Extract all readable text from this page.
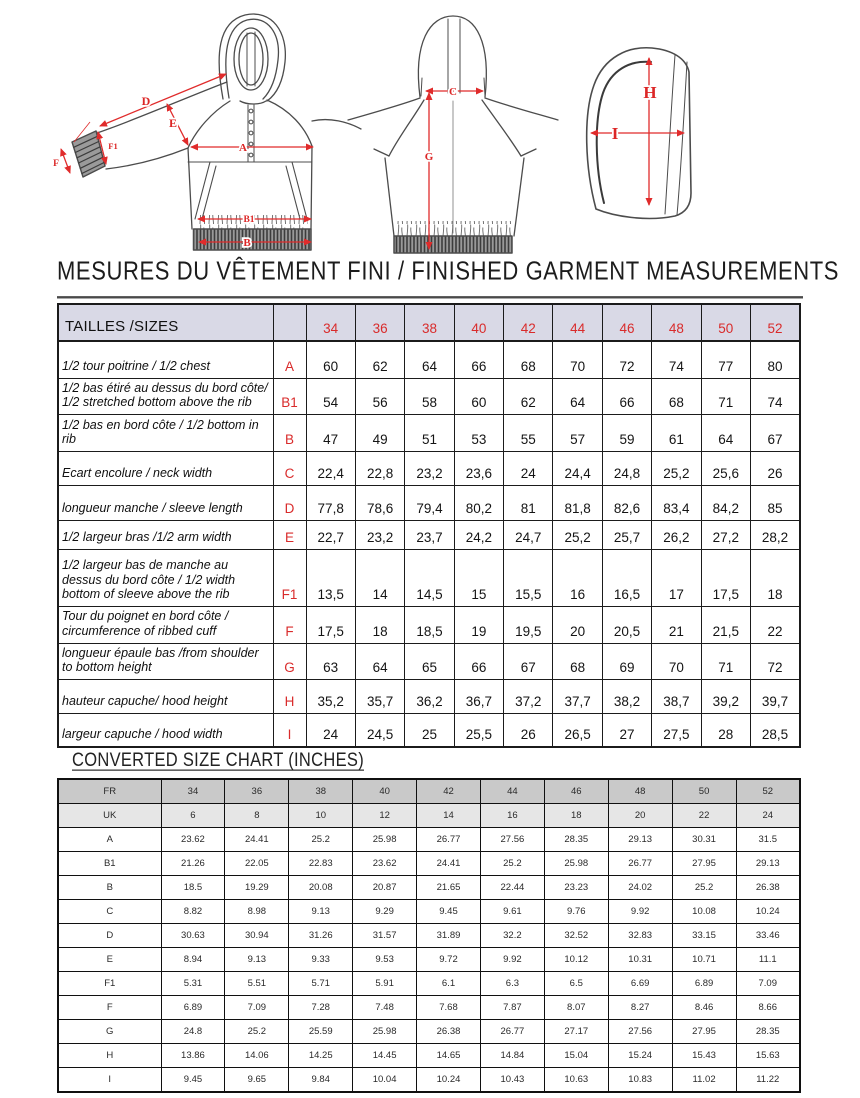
D
E
F1
F
A
B1
B
C
G
H
I
MESURES DU VÊTEMENT FINI / FINISHED GARMENT MEASUREMENTS
CONVERTED SIZE CHART (INCHES)
TAILLES /SIZES		34	36	38	40	42	44	46	48	50	52
1/2 tour poitrine / 1/2 chest	A	60	62	64	66	68	70	72	74	77	80
1/2 bas étiré au dessus du bord côte/ 1/2 stretched bottom above the rib	B1	54	56	58	60	62	64	66	68	71	74
1/2 bas en bord côte / 1/2 bottom in rib	B	47	49	51	53	55	57	59	61	64	67
Ecart encolure / neck width	C	22,4	22,8	23,2	23,6	24	24,4	24,8	25,2	25,6	26
longueur manche / sleeve length	D	77,8	78,6	79,4	80,2	81	81,8	82,6	83,4	84,2	85
1/2 largeur bras /1/2 arm width	E	22,7	23,2	23,7	24,2	24,7	25,2	25,7	26,2	27,2	28,2
1/2 largeur bas de manche au dessus du bord côte / 1/2 width bottom of sleeve above the rib	F1	13,5	14	14,5	15	15,5	16	16,5	17	17,5	18
Tour du poignet en bord côte / circumference of ribbed cuff	F	17,5	18	18,5	19	19,5	20	20,5	21	21,5	22
longueur épaule bas /from shoulder to bottom height	G	63	64	65	66	67	68	69	70	71	72
hauteur capuche/ hood height	H	35,2	35,7	36,2	36,7	37,2	37,7	38,2	38,7	39,2	39,7
largeur capuche / hood width	I	24	24,5	25	25,5	26	26,5	27	27,5	28	28,5
FR	34	36	38	40	42	44	46	48	50	52
UK	6	8	10	12	14	16	18	20	22	24
A	23.62	24.41	25.2	25.98	26.77	27.56	28.35	29.13	30.31	31.5
B1	21.26	22.05	22.83	23.62	24.41	25.2	25.98	26.77	27.95	29.13
B	18.5	19.29	20.08	20.87	21.65	22.44	23.23	24.02	25.2	26.38
C	8.82	8.98	9.13	9.29	9.45	9.61	9.76	9.92	10.08	10.24
D	30.63	30.94	31.26	31.57	31.89	32.2	32.52	32.83	33.15	33.46
E	8.94	9.13	9.33	9.53	9.72	9.92	10.12	10.31	10.71	11.1
F1	5.31	5.51	5.71	5.91	6.1	6.3	6.5	6.69	6.89	7.09
F	6.89	7.09	7.28	7.48	7.68	7.87	8.07	8.27	8.46	8.66
G	24.8	25.2	25.59	25.98	26.38	26.77	27.17	27.56	27.95	28.35
H	13.86	14.06	14.25	14.45	14.65	14.84	15.04	15.24	15.43	15.63
I	9.45	9.65	9.84	10.04	10.24	10.43	10.63	10.83	11.02	11.22
